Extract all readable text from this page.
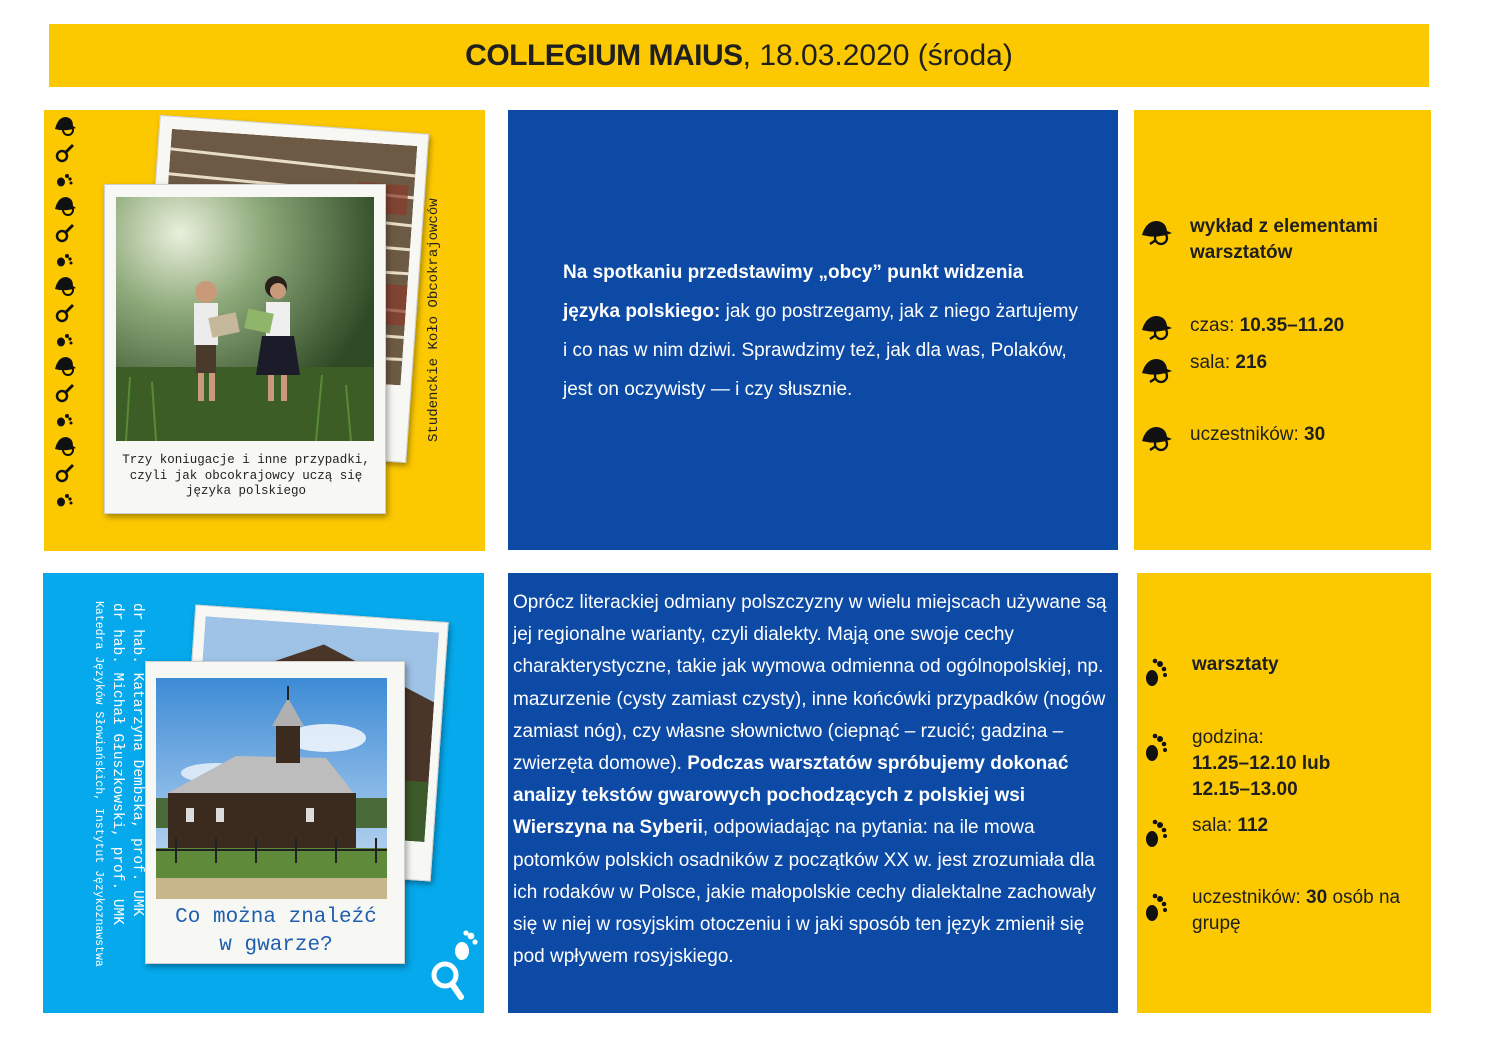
COLLEGIUM MAIUS , 18.03.2020 (środa)
Trzy koniugacje i inne przypadki, czyli jak obcokrajowcy uczą się języka polskiego
Studenckie Koło Obcokrajowców	Na spotkaniu przedstawimy „obcy” punkt widzenia języka polskiego: jak go postrzegamy, jak z niego żartujemy i co nas w nim dziwi. Sprawdzimy też, jak dla was, Polaków, jest on oczywisty — i czy słusznie.
wykład z elementami warsztatów
czas: 10.35–11.20
sala: 216
uczestników: 30
dr hab. Katarzyna Dembska, prof. UMK
dr hab. Michał Głuszkowski, prof. UMK
Katedra Języków Słowiańskich, Instytut Językoznawstwa	Co można znaleźć
w gwarze?
Oprócz literackiej odmiany polszczyzny w wielu miejscach używane są jej regionalne warianty, czyli dialekty. Mają one swoje cechy charakterystyczne, takie jak wymowa odmienna od ogólnopolskiej, np. mazurzenie (cysty zamiast czysty), inne końcówki przypadków (nogów zamiast nóg), czy własne słownictwo (ciepnąć – rzucić; gadzina – zwierzęta domowe). Podczas warsztatów spróbujemy dokonać analizy tekstów gwarowych pochodzących z polskiej wsi Wierszyna na Syberii, odpowiadając na pytania: na ile mowa potomków polskich osadników z początków XX w. jest zrozumiała dla ich rodaków w Polsce, jakie małopolskie cechy dialektalne zachowały się w niej w rosyjskim otoczeniu i w jaki sposób ten język zmienił się pod wpływem rosyjskiego.
warsztaty
godzina:
11.25–12.10 lub
12.15–13.00
sala: 112
uczestników: 30 osób na grupę
